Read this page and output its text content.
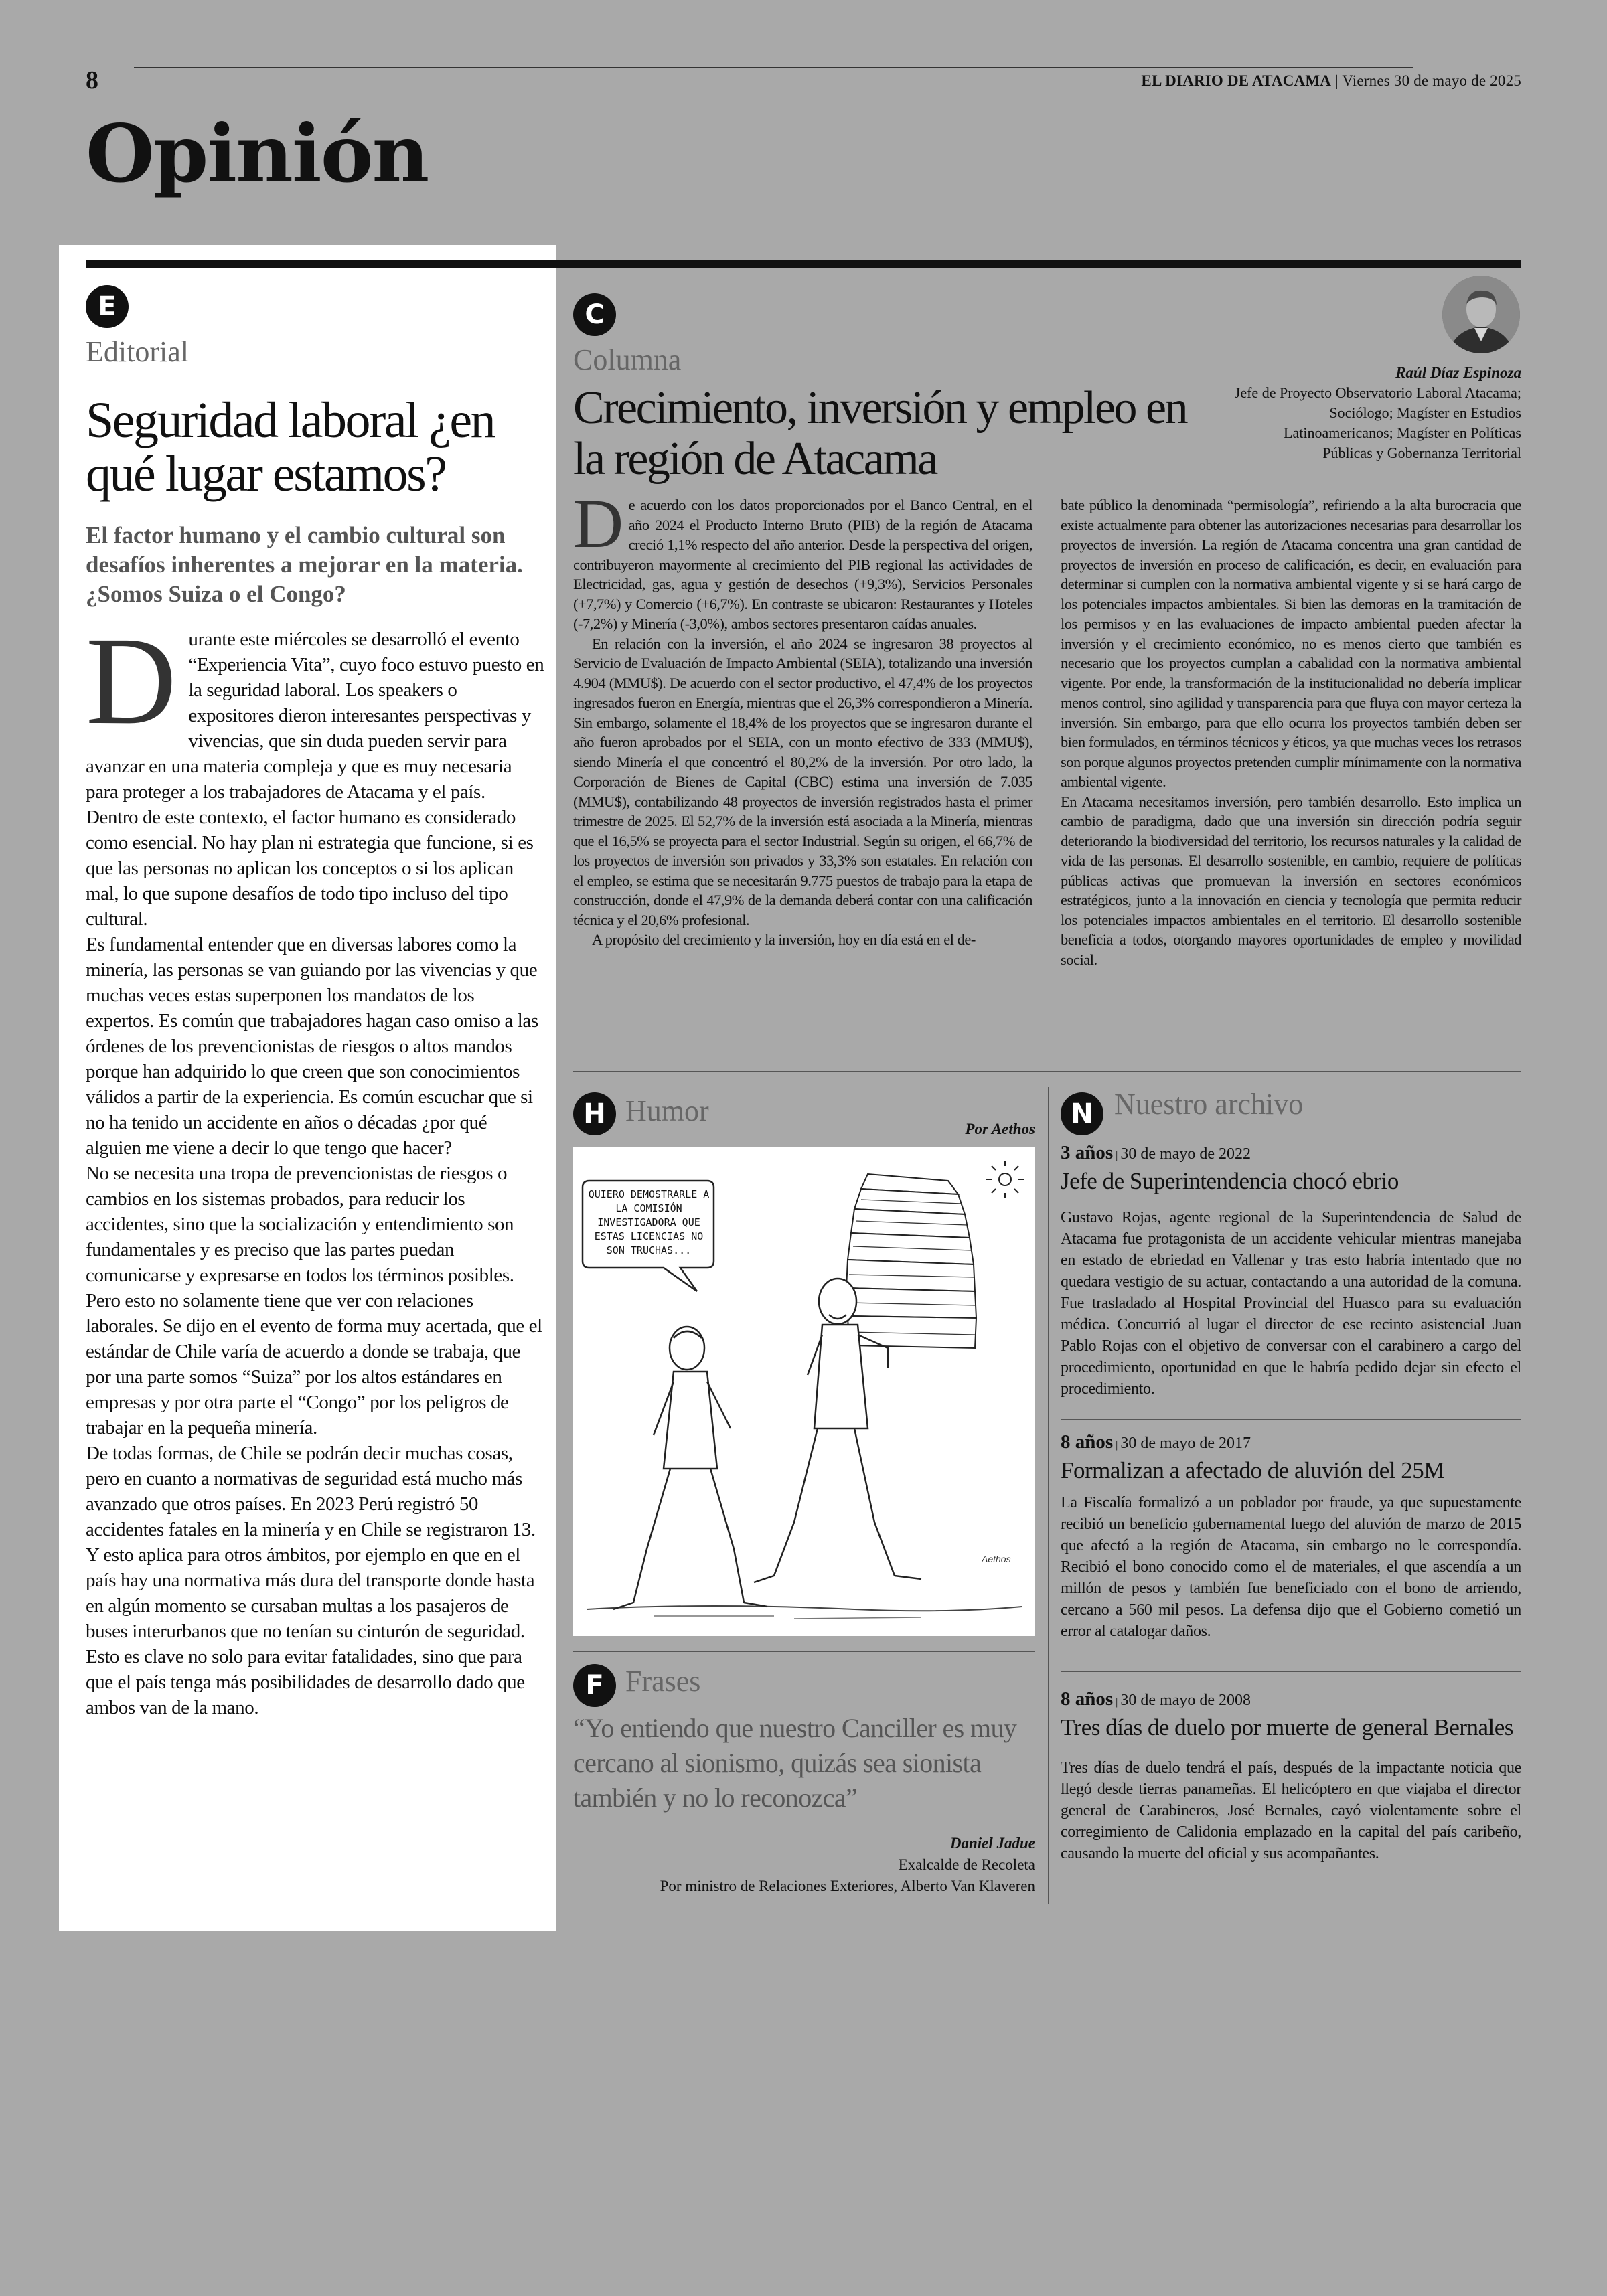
8	EL DIARIO DE ATACAMA | Viernes 30 de mayo de 2025
Opinión
E
Editorial
Seguridad laboral ¿en qué lugar estamos?
El factor humano y el cambio cultural son desafíos inherentes a mejorar en la materia. ¿Somos Suiza o el Congo?
D urante este miércoles se desarrolló el evento “Experiencia Vita”, cuyo foco estuvo puesto en la seguridad laboral. Los speakers o expositores dieron interesantes perspectivas y vivencias, que sin duda pueden servir para avanzar en una materia compleja y que es muy necesaria para proteger a los trabajadores de Atacama y el país.

Dentro de este contexto, el factor humano es considerado como esencial. No hay plan ni estrategia que funcione, si es que las personas no aplican los conceptos o si los aplican mal, lo que supone desafíos de todo tipo incluso del tipo cultural.

Es fundamental entender que en diversas labores como la minería, las personas se van guiando por las vivencias y que muchas veces estas superponen los mandatos de los expertos. Es común que trabajadores hagan caso omiso a las órdenes de los prevencionistas de riesgos o altos mandos porque han adquirido lo que creen que son conocimientos válidos a partir de la experiencia. Es común escuchar que si no ha tenido un accidente en años o décadas ¿por qué alguien me viene a decir lo que tengo que hacer?

No se necesita una tropa de prevencionistas de riesgos o cambios en los sistemas probados, para reducir los accidentes, sino que la socialización y entendimiento son fundamentales y es preciso que las partes puedan comunicarse y expresarse en todos los términos posibles.

Pero esto no solamente tiene que ver con relaciones laborales. Se dijo en el evento de forma muy acertada, que el estándar de Chile varía de acuerdo a donde se trabaja, que por una parte somos “Suiza” por los altos estándares en empresas y por otra parte el “Congo” por los peligros de trabajar en la pequeña minería.

De todas formas, de Chile se podrán decir muchas cosas, pero en cuanto a normativas de seguridad está mucho más avanzado que otros países. En 2023 Perú registró 50 accidentes fatales en la minería y en Chile se registraron 13.

Y esto aplica para otros ámbitos, por ejemplo en que en el país hay una normativa más dura del transporte donde hasta en algún momento se cursaban multas a los pasajeros de buses interurbanos que no tenían su cinturón de seguridad.

Esto es clave no solo para evitar fatalidades, sino que para que el país tenga más posibilidades de desarrollo dado que ambos van de la mano.

C
Columna
Crecimiento, inversión y empleo en la región de Atacama
Raúl Díaz Espinoza
Jefe de Proyecto Observatorio Laboral Atacama; Sociólogo; Magíster en Estudios Latinoamericanos; Magíster en Políticas Públicas y Gobernanza Territorial
D e acuerdo con los datos proporcionados por el Banco Central, en el año 2024 el Producto Interno Bruto (PIB) de la región de Atacama creció 1,1% respecto del año anterior. Desde la perspectiva del origen, contribuyeron mayormente al crecimiento del PIB regional las actividades de Electricidad, gas, agua y gestión de desechos (+9,3%), Servicios Personales (+7,7%) y Comercio (+6,7%). En contraste se ubicaron: Restaurantes y Hoteles (-7,2%) y Minería (-3,0%), ambos sectores presentaron caídas anuales.

En relación con la inversión, el año 2024 se ingresaron 38 proyectos al Servicio de Evaluación de Impacto Ambiental (SEIA), totalizando una inversión 4.904 (MMU$). De acuerdo con el sector productivo, el 47,4% de los proyectos ingresados fueron en Energía, mientras que el 26,3% correspondieron a Minería. Sin embargo, solamente el 18,4% de los proyectos que se ingresaron durante el año fueron aprobados por el SEIA, con un monto efectivo de 333 (MMU$), siendo Minería el que concentró el 80,2% de la inversión. Por otro lado, la Corporación de Bienes de Capital (CBC) estima una inversión de 7.035 (MMU$), contabilizando 48 proyectos de inversión registrados hasta el primer trimestre de 2025. El 52,7% de la inversión está asociada a la Minería, mientras que el 16,5% se proyecta para el sector Industrial. Según su origen, el 66,7% de los proyectos de inversión son privados y 33,3% son estatales. En relación con el empleo, se estima que se necesitarán 9.775 puestos de trabajo para la etapa de construcción, donde el 47,9% de la demanda deberá contar con una calificación técnica y el 20,6% profesional.

A propósito del crecimiento y la inversión, hoy en día está en el de-

bate público la denominada “permisología”, refiriendo a la alta burocracia que existe actualmente para obtener las autorizaciones necesarias para desarrollar los proyectos de inversión. La región de Atacama concentra una gran cantidad de proyectos de inversión en proceso de calificación, es decir, en evaluación para determinar si cumplen con la normativa ambiental vigente y si se hará cargo de los potenciales impactos ambientales. Si bien las demoras en la tramitación de los permisos y en las evaluaciones de impacto ambiental pueden afectar la inversión y el crecimiento económico, no es menos cierto que también es necesario que los proyectos cumplan a cabalidad con la normativa ambiental vigente. Por ende, la transformación de la institucionalidad no debería implicar menos control, sino agilidad y transparencia para que fluya con mayor certeza la inversión. Sin embargo, para que ello ocurra los proyectos también deben ser bien formulados, en términos técnicos y éticos, ya que muchas veces los retrasos son porque algunos proyectos pretenden cumplir mínimamente con la normativa ambiental vigente.

En Atacama necesitamos inversión, pero también desarrollo. Esto implica un cambio de paradigma, dado que una inversión sin dirección podría seguir deteriorando la biodiversidad del territorio, los recursos naturales y la calidad de vida de las personas. El desarrollo sostenible, en cambio, requiere de políticas públicas activas que promuevan la inversión en sectores económicos estratégicos, junto a la innovación en ciencia y tecnología que permita reducir los potenciales impactos ambientales en el territorio. El desarrollo sostenible beneficia a todos, otorgando mayores oportunidades de empleo y movilidad social.

H Humor
Por Aethos
Aethos
QUIERO DEMOSTRARLE A LA COMISIÓN INVESTIGADORA QUE ESTAS LICENCIAS NO SON TRUCHAS...
F Frases
“Yo entiendo que nuestro Canciller es muy cercano al sionismo, quizás sea sionista también y no lo reconozca”
Daniel Jadue
Exalcalde de Recoleta
Por ministro de Relaciones Exteriores, Alberto Van Klaveren
N Nuestro archivo
3 años | 30 de mayo de 2022
Jefe de Superintendencia chocó ebrio
Gustavo Rojas, agente regional de la Superintendencia de Salud de Atacama fue protagonista de un accidente vehicular mientras manejaba en estado de ebriedad en Vallenar y tras esto habría intentado que no quedara vestigio de su actuar, contactando a una autoridad de la comuna. Fue trasladado al Hospital Provincial del Huasco para su evaluación médica. Concurrió al lugar el director de ese recinto asistencial Juan Pablo Rojas con el objetivo de conversar con el carabinero a cargo del procedimiento, oportunidad en que le habría pedido dejar sin efecto el procedimiento.
8 años | 30 de mayo de 2017
Formalizan a afectado de aluvión del 25M
La Fiscalía formalizó a un poblador por fraude, ya que supuestamente recibió un beneficio gubernamental luego del aluvión de marzo de 2015 que afectó a la región de Atacama, sin embargo no le correspondía. Recibió el bono conocido como el de materiales, el que ascendía a un millón de pesos y también fue beneficiado con el bono de arriendo, cercano a 560 mil pesos. La defensa dijo que el Gobierno cometió un error al catalogar daños.
8 años | 30 de mayo de 2008
Tres días de duelo por muerte de general Bernales
Tres días de duelo tendrá el país, después de la impactante noticia que llegó desde tierras panameñas. El helicóptero en que viajaba el director general de Carabineros, José Bernales, cayó violentamente sobre el corregimiento de Calidonia emplazado en la capital del país caribeño, causando la muerte del oficial y sus acompañantes.
